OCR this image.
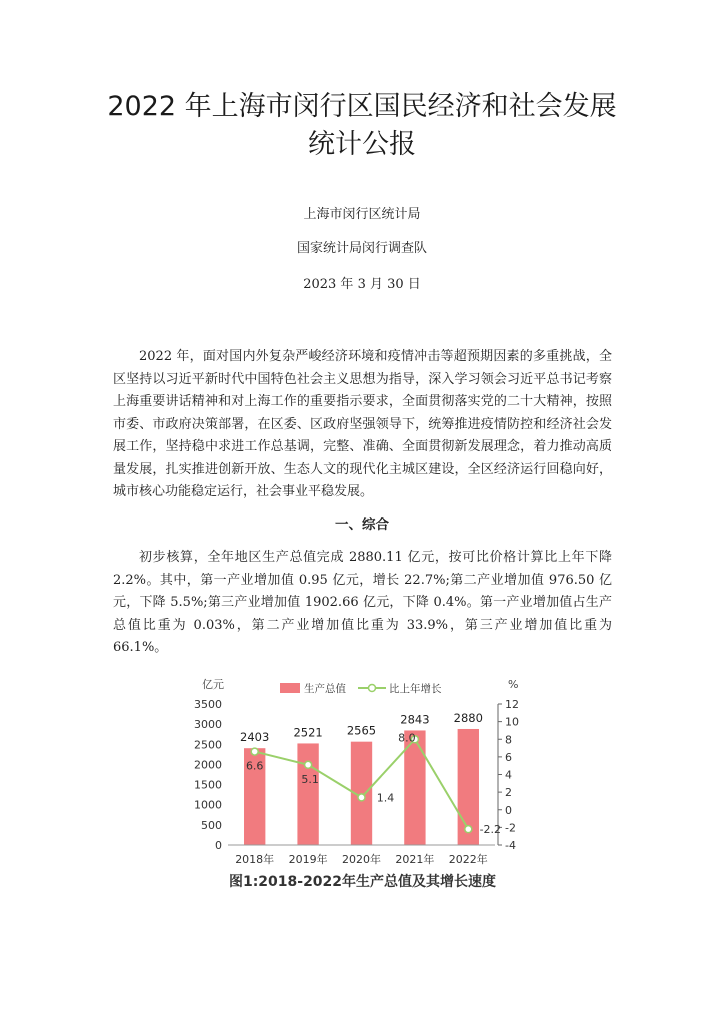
2022 年上海市闵行区国民经济和社会发展
统计公报
上海市闵行区统计局
国家统计局闵行调查队
2023 年 3 月 30 日

2022 年，面对国内外复杂严峻经济环境和疫情冲击等超预期因素的多重挑战，全区坚持以习近平新时代中国特色社会主义思想为指导，深入学习领会习近平总书记考察上海重要讲话精神和对上海工作的重要指示要求，全面贯彻落实党的二十大精神，按照市委、市政府决策部署，在区委、区政府坚强领导下，统筹推进疫情防控和经济社会发展工作，坚持稳中求进工作总基调，完整、准确、全面贯彻新发展理念，着力推动高质量发展，扎实推进创新开放、生态人文的现代化主城区建设，全区经济运行回稳向好，城市核心功能稳定运行，社会事业平稳发展。

一、综合

初步核算，全年地区生产总值完成 2880.11 亿元，按可比价格计算比上年下降 2.2%。其中，第一产业增加值 0.95 亿元，增长 22.7%;第二产业增加值 976.50 亿元，下降 5.5%;第三产业增加值 1902.66 亿元，下降 0.4%。第一产业增加值占生产总值比重为 0.03%，第二产业增加值比重为 33.9%，第三产业增加值比重为 66.1%。

亿元	%
0
500
1000
1500
2000
2500
3000
3500
-4
-2
0
2
4
6
8
10
12
生产总值	比上年增长
2403 2521 2565
2843 2880
2018年 2019年 2020年 2021年 2022年
6.6
5.1
1.4
8.0
-2.2
图1:2018-2022年生产总值及其增长速度
